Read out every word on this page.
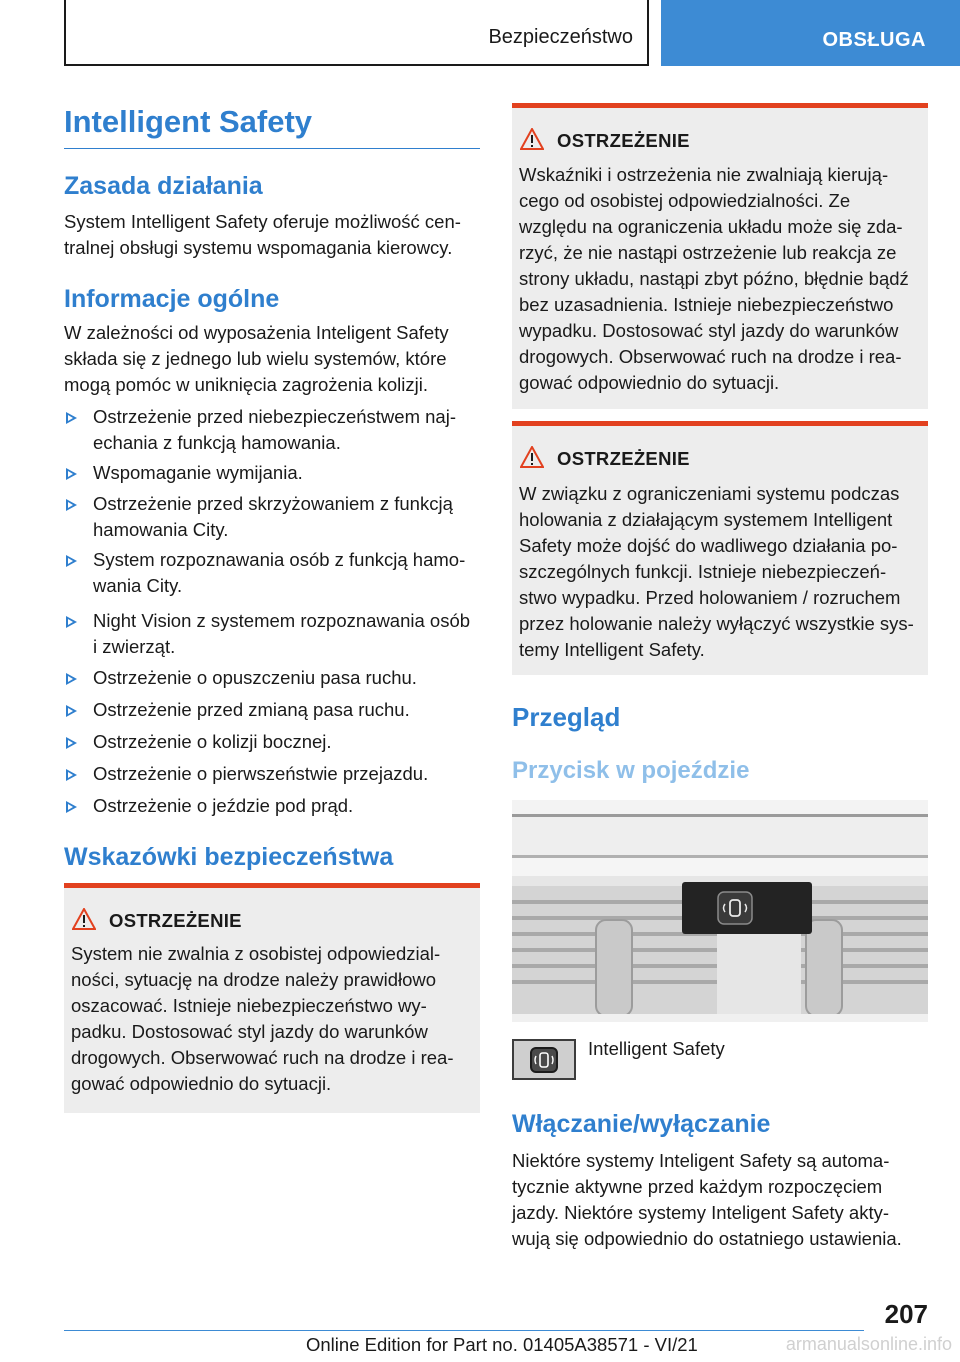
Bezpieczeństwo	OBSŁUGA
Intelligent Safety
Zasada działania
System Intelligent Safety oferuje możliwość cen‐
tralnej obsługi systemu wspomagania kierowcy.
Informacje ogólne
W zależności od wyposażenia Inteligent Safety
składa się z jednego lub wielu systemów, które
mogą pomóc w uniknięcia zagrożenia kolizji.
Ostrzeżenie przed niebezpieczeństwem naj‐
echania z funkcją hamowania.
Wspomaganie wymijania.
Ostrzeżenie przed skrzyżowaniem z funkcją
hamowania City.
System rozpoznawania osób z funkcją hamo‐
wania City.
Night Vision z systemem rozpoznawania osób
i zwierząt.
Ostrzeżenie o opuszczeniu pasa ruchu.
Ostrzeżenie przed zmianą pasa ruchu.
Ostrzeżenie o kolizji bocznej.
Ostrzeżenie o pierwszeństwie przejazdu.
Ostrzeżenie o jeździe pod prąd.
Wskazówki bezpieczeństwa
OSTRZEŻENIE
System nie zwalnia z osobistej odpowiedzial‐
ności, sytuację na drodze należy prawidłowo
oszacować. Istnieje niebezpieczeństwo wy‐
padku. Dostosować styl jazdy do warunków
drogowych. Obserwować ruch na drodze i rea‐
gować odpowiednio do sytuacji.
OSTRZEŻENIE
Wskaźniki i ostrzeżenia nie zwalniają kierują‐
cego od osobistej odpowiedzialności. Ze
względu na ograniczenia układu może się zda‐
rzyć, że nie nastąpi ostrzeżenie lub reakcja ze
strony układu, nastąpi zbyt późno, błędnie bądź
bez uzasadnienia. Istnieje niebezpieczeństwo
wypadku. Dostosować styl jazdy do warunków
drogowych. Obserwować ruch na drodze i rea‐
gować odpowiednio do sytuacji.
OSTRZEŻENIE
W związku z ograniczeniami systemu podczas
holowania z działającym systemem Intelligent
Safety może dojść do wadliwego działania po‐
szczególnych funkcji. Istnieje niebezpieczeń‐
stwo wypadku. Przed holowaniem / rozruchem
przez holowanie należy wyłączyć wszystkie sys‐
temy Intelligent Safety.
Przegląd
Przycisk w pojeździe
Intelligent Safety
Włączanie/wyłączanie
Niektóre systemy Inteligent Safety są automa‐
tycznie aktywne przed każdym rozpoczęciem
jazdy. Niektóre systemy Inteligent Safety akty‐
wują się odpowiednio do ostatniego ustawienia.
207
Online Edition for Part no. 01405A38571 - VI/21	armanualsonline.info
